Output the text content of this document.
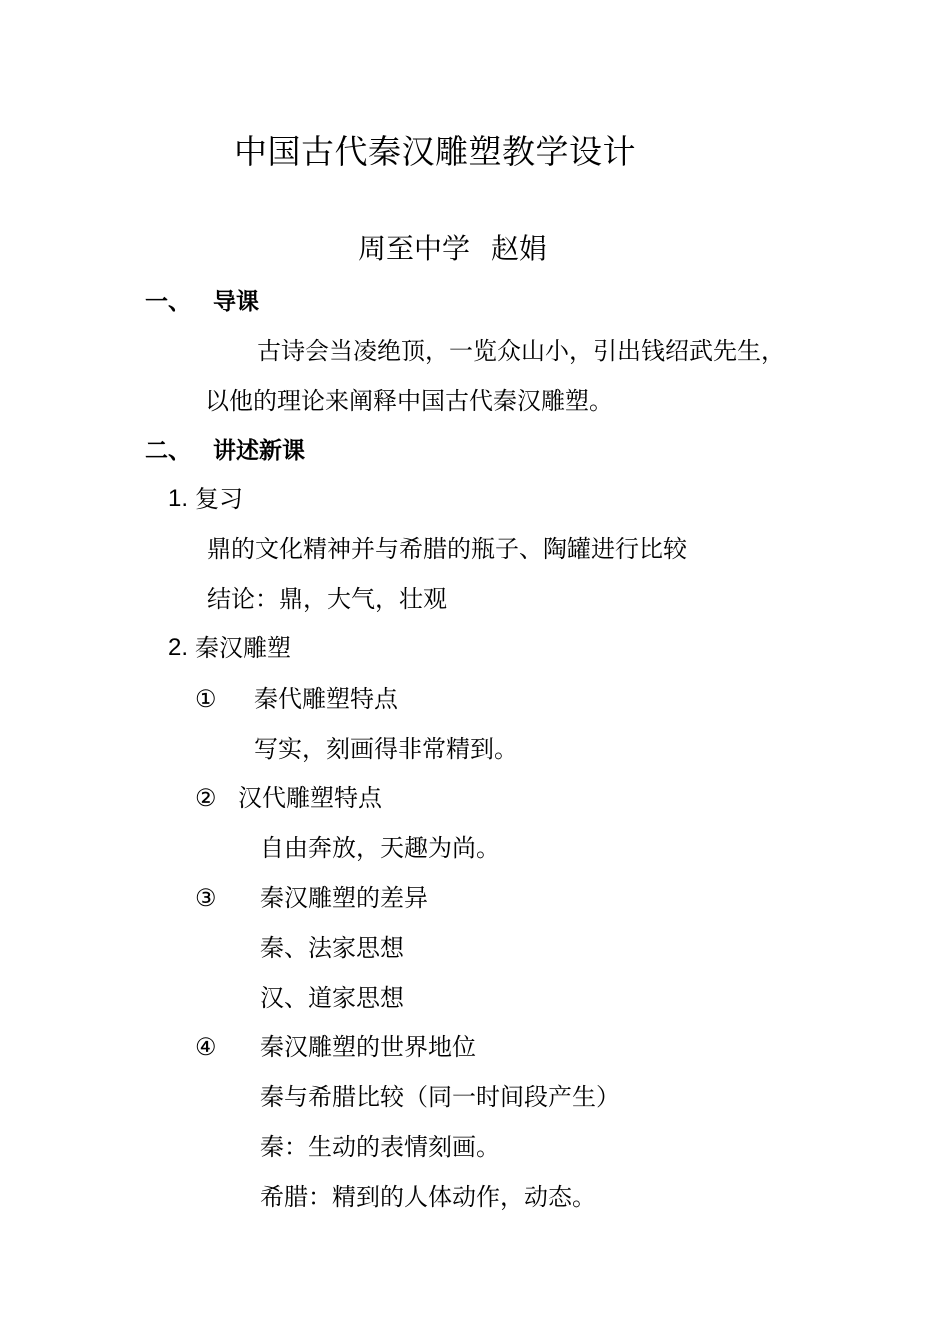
中国古代秦汉雕塑教学设计
周至中学 赵娟
一、 导课
古诗会当凌绝顶，一览众山小，引出钱绍武先生，
以他的理论来阐释中国古代秦汉雕塑。
二、 讲述新课
1. 复习
鼎的文化精神并与希腊的瓶子、陶罐进行比较
结论：鼎，大气，壮观
2. 秦汉雕塑
① 秦代雕塑特点
写实，刻画得非常精到。
② 汉代雕塑特点
自由奔放，天趣为尚。
③ 秦汉雕塑的差异
秦、法家思想
汉、道家思想
④ 秦汉雕塑的世界地位
秦与希腊比较（同一时间段产生）
秦：生动的表情刻画。
希腊：精到的人体动作，动态。
